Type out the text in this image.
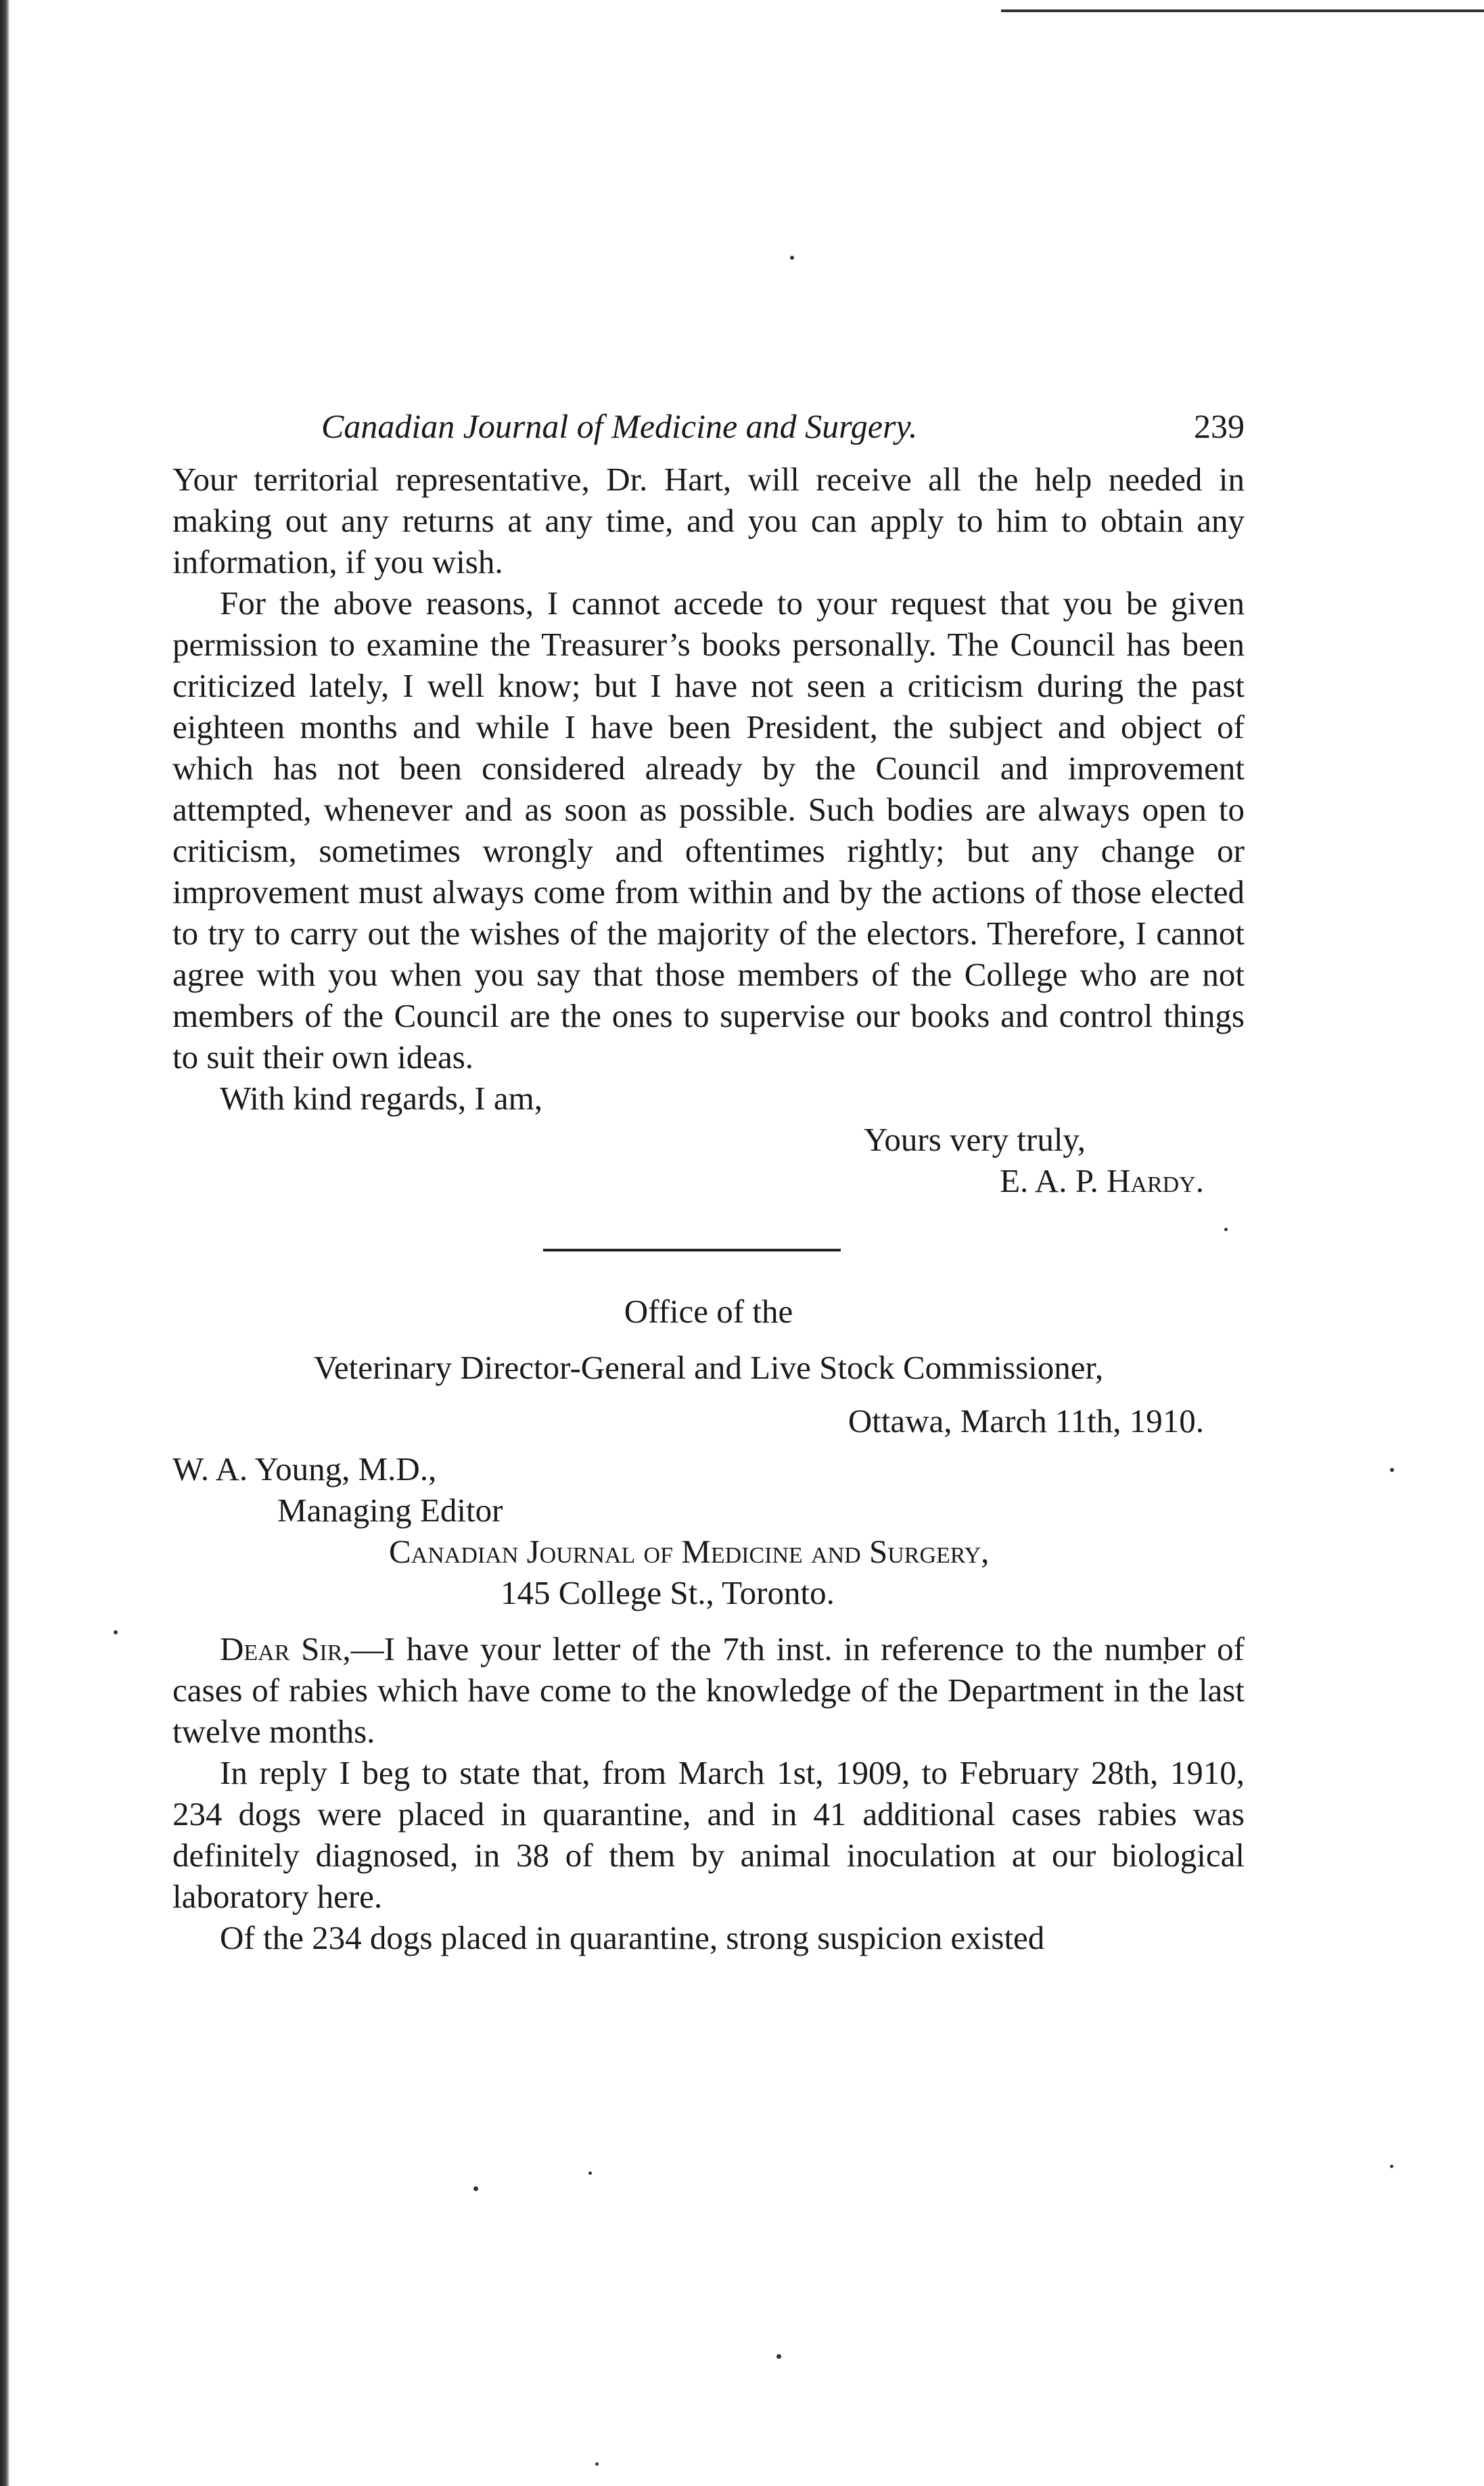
Canadian Journal of Medicine and Surgery.	239

Your territorial representative, Dr. Hart, will receive all the help needed in making out any returns at any time, and you can apply to him to obtain any information, if you wish.

For the above reasons, I cannot accede to your request that you be given permission to examine the Treasurer’s books personally. The Council has been criticized lately, I well know; but I have not seen a criticism during the past eighteen months and while I have been President, the subject and object of which has not been considered already by the Council and improvement attempted, whenever and as soon as possible. Such bodies are always open to criticism, sometimes wrongly and oftentimes rightly; but any change or improvement must always come from within and by the actions of those elected to try to carry out the wishes of the majority of the electors. Therefore, I cannot agree with you when you say that those members of the College who are not members of the Council are the ones to supervise our books and control things to suit their own ideas.

With kind regards, I am,

Yours very truly,

E. A. P. Hardy.

Office of the

Veterinary Director-General and Live Stock Commissioner,

Ottawa, March 11th, 1910.

W. A. Young, M.D.,

Managing Editor

Canadian Journal of Medicine and Surgery,

145 College St., Toronto.

Dear Sir,—I have your letter of the 7th inst. in reference to the number of cases of rabies which have come to the knowledge of the Department in the last twelve months.

In reply I beg to state that, from March 1st, 1909, to February 28th, 1910, 234 dogs were placed in quarantine, and in 41 additional cases rabies was definitely diagnosed, in 38 of them by animal inoculation at our biological laboratory here.

Of the 234 dogs placed in quarantine, strong suspicion existed
